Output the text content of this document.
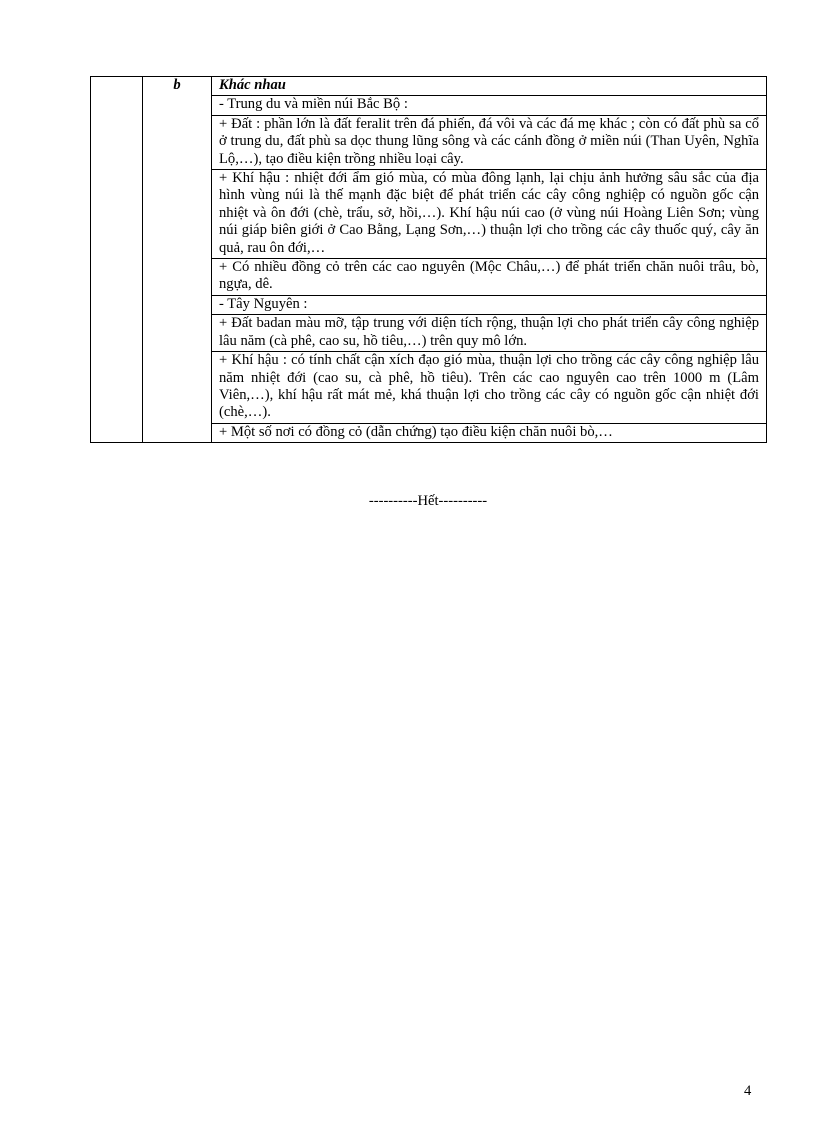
	b	Khác nhau
- Trung du và miền núi Bắc Bộ :
+ Đất : phần lớn là đất feralit trên đá phiến, đá vôi và các đá mẹ khác ; còn có đất phù sa cổ ở trung du, đất phù sa dọc thung lũng sông và các cánh đồng ở miền núi (Than Uyên, Nghĩa Lộ,…), tạo điều kiện trồng nhiều loại cây.
+ Khí hậu : nhiệt đới ẩm gió mùa, có mùa đông lạnh, lại chịu ảnh hưởng sâu sắc của địa hình vùng núi là thế mạnh đặc biệt để phát triển các cây công nghiệp có nguồn gốc cận nhiệt và ôn đới (chè, trẩu, sở, hồi,…). Khí hậu núi cao (ở vùng núi Hoàng Liên Sơn; vùng núi giáp biên giới ở Cao Bằng, Lạng Sơn,…) thuận lợi cho trồng các cây thuốc quý, cây ăn quả, rau ôn đới,…
+ Có nhiều đồng cỏ trên các cao nguyên (Mộc Châu,…) để phát triển chăn nuôi trâu, bò, ngựa, dê.
- Tây Nguyên :
+ Đất badan màu mỡ, tập trung với diện tích rộng, thuận lợi cho phát triển cây công nghiệp lâu năm (cà phê, cao su, hồ tiêu,…) trên quy mô lớn.
+ Khí hậu : có tính chất cận xích đạo gió mùa, thuận lợi cho trồng các cây công nghiệp lâu năm nhiệt đới (cao su, cà phê, hồ tiêu). Trên các cao nguyên cao trên 1000 m (Lâm Viên,…), khí hậu rất mát mẻ, khá thuận lợi cho trồng các cây có nguồn gốc cận nhiệt đới (chè,…).
+ Một số nơi có đồng cỏ (dẫn chứng) tạo điều kiện chăn nuôi bò,…
----------Hết----------
4
